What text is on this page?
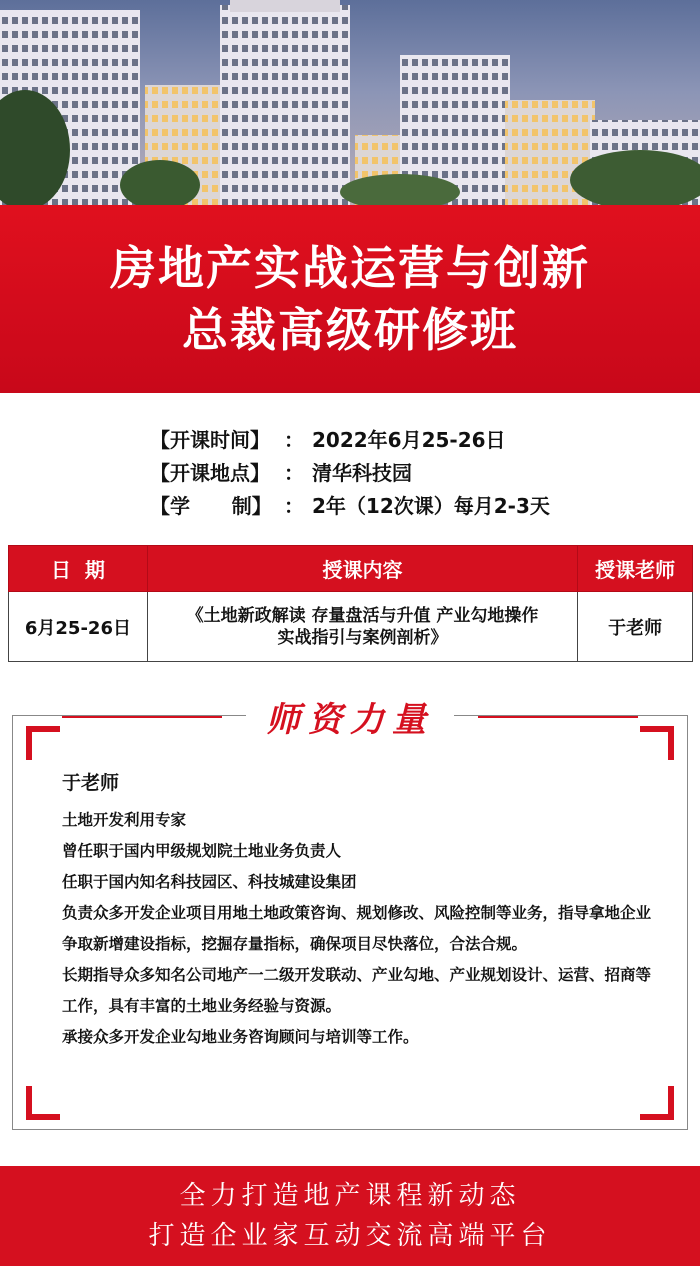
房地产实战运营与创新
总裁高级研修班
【开课时间】 ： 2022年6月25-26日
【开课地点】 ： 清华科技园
【学      制】 ： 2年（12次课）每月2-3天
日  期	授课内容	授课老师
6月25-26日	《土地新政解读 存量盘活与升值 产业勾地操作
实战指引与案例剖析》	于老师
师资力量
于老师

土地开发利用专家

曾任职于国内甲级规划院土地业务负责人

任职于国内知名科技园区、科技城建设集团

负责众多开发企业项目用地土地政策咨询、规划修改、风险控制等业务，指导拿地企业争取新增建设指标，挖掘存量指标，确保项目尽快落位，合法合规。

长期指导众多知名公司地产一二级开发联动、产业勾地、产业规划设计、运营、招商等工作，具有丰富的土地业务经验与资源。

承接众多开发企业勾地业务咨询顾问与培训等工作。

全力打造地产课程新动态
打造企业家互动交流高端平台
